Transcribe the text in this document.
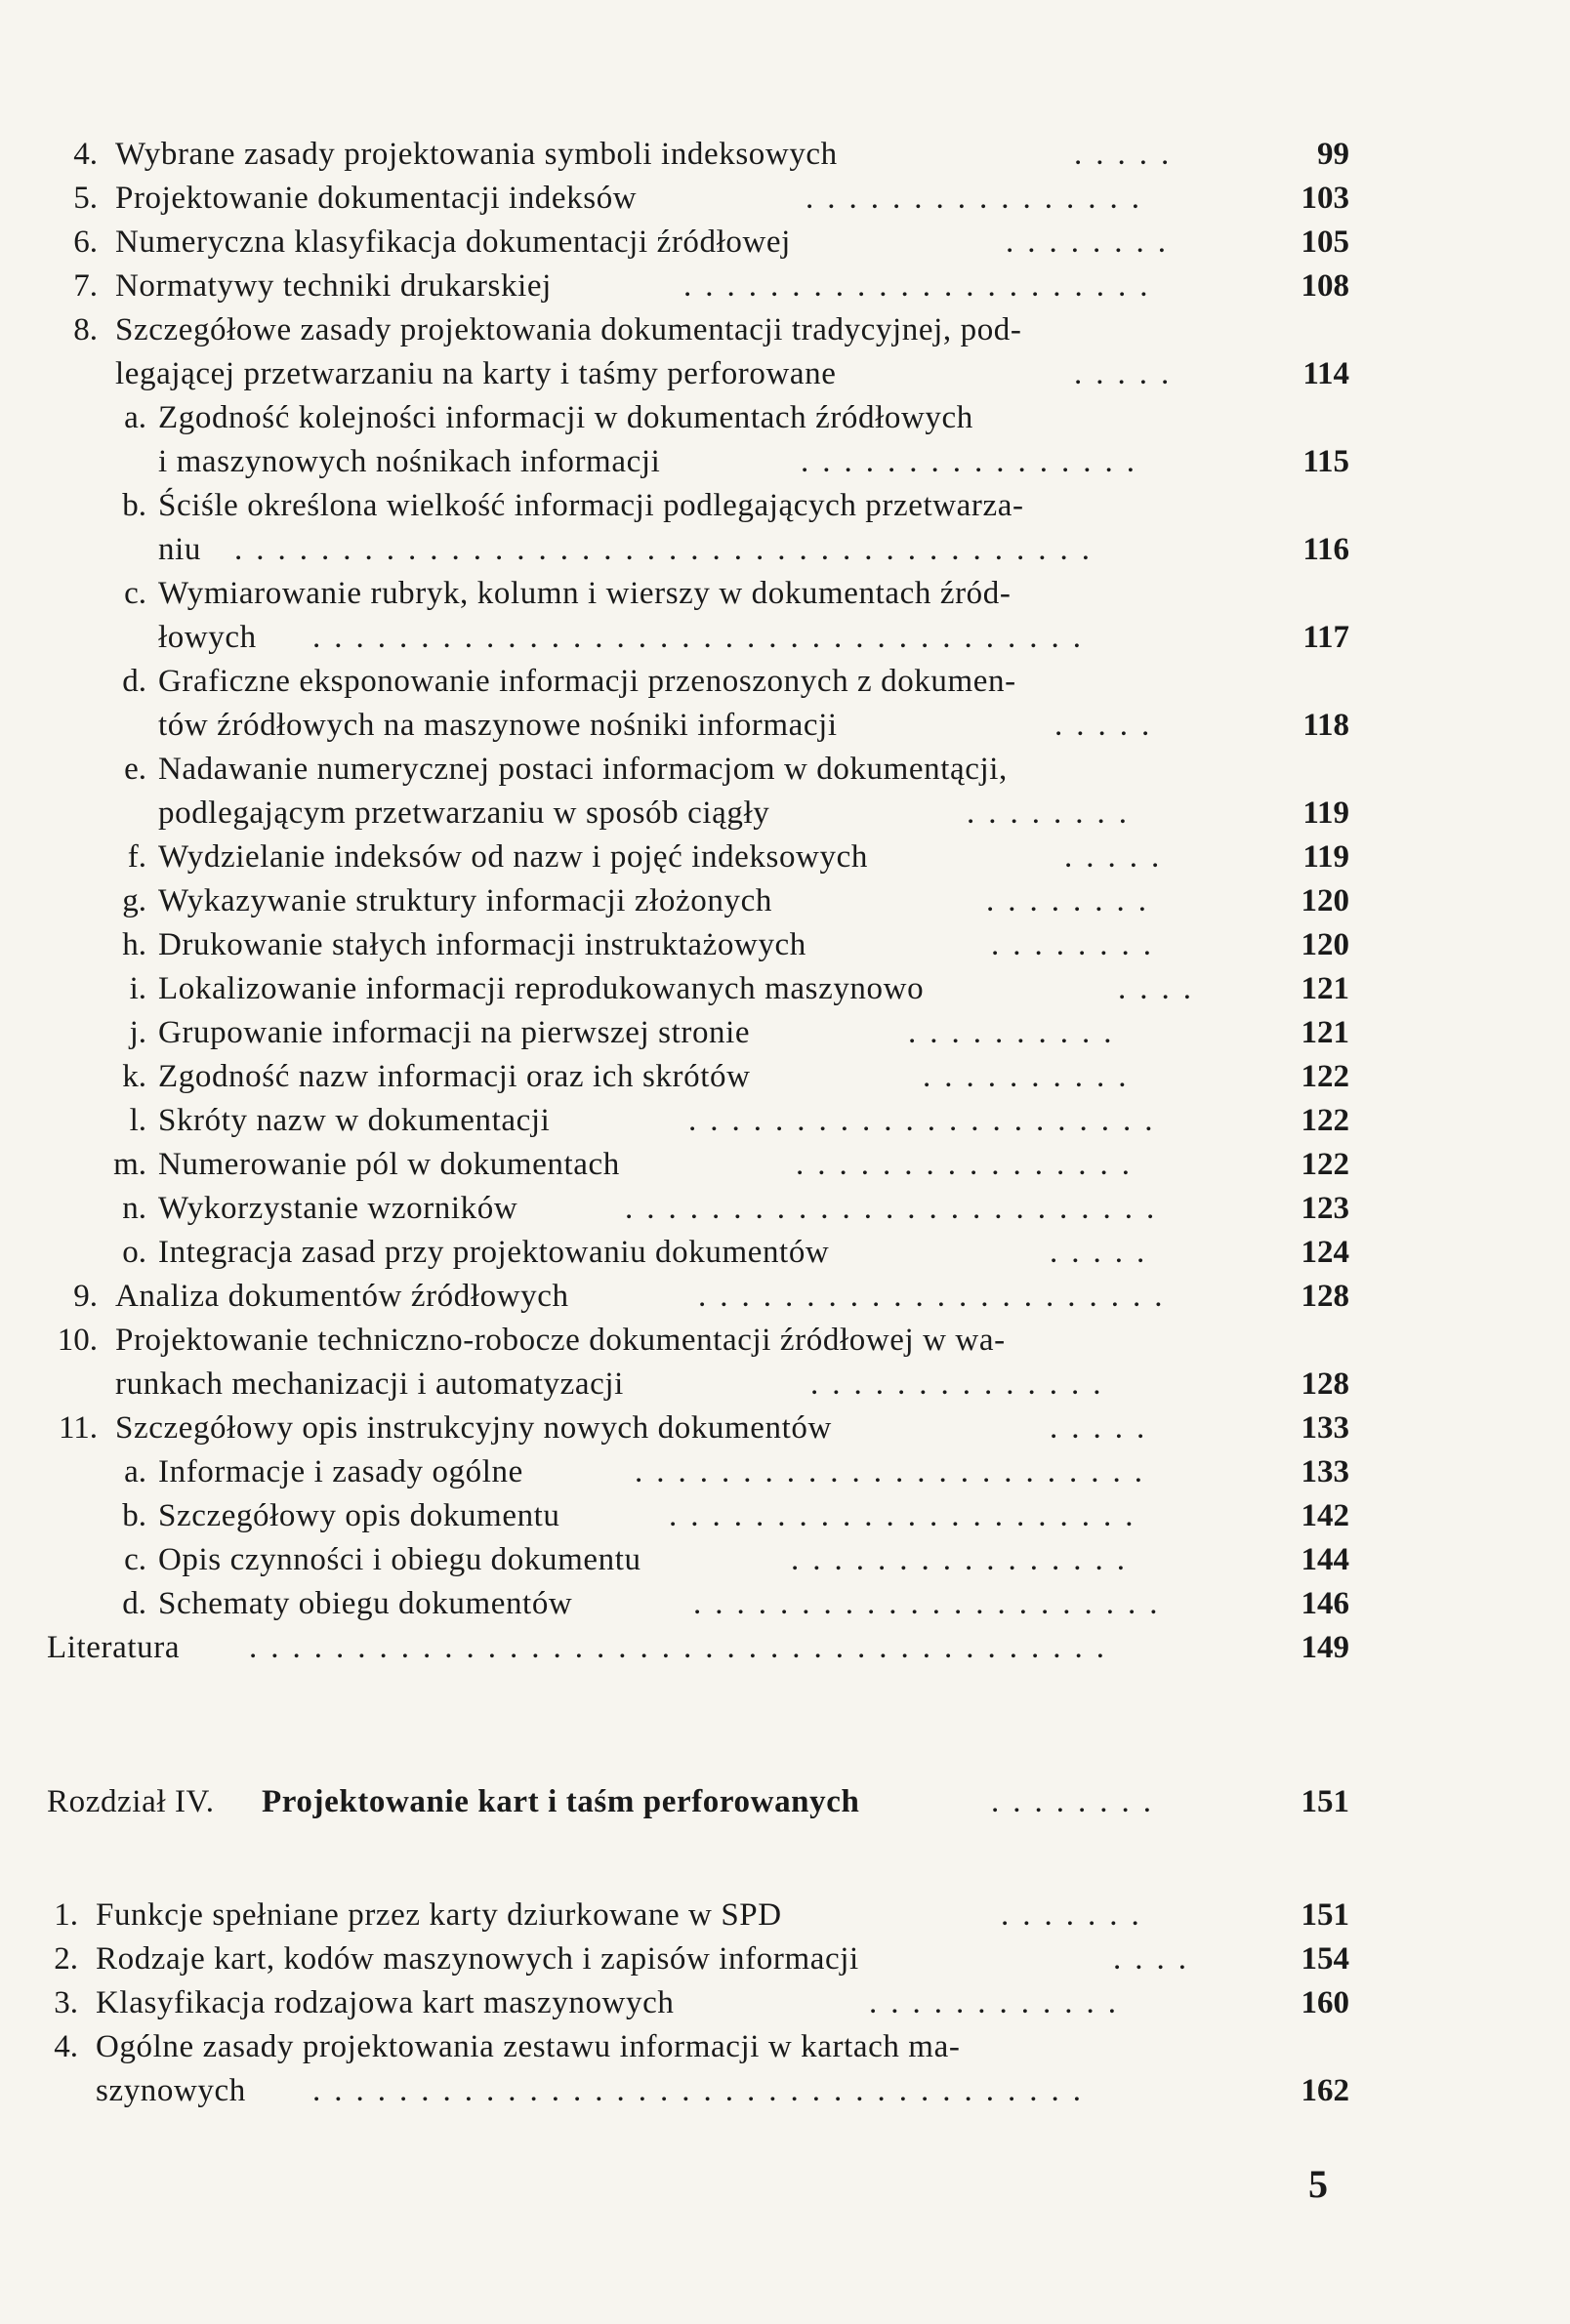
4. Wybrane zasady projektowania symboli indeksowych	.....	99
5. Projektowanie dokumentacji indeksów	................	103
6. Numeryczna klasyfikacja dokumentacji źródłowej	........	105
7. Normatywy techniki drukarskiej	......................	108
8. Szczegółowe zasady projektowania dokumentacji tradycyjnej, pod-
legającej przetwarzaniu na karty i taśmy perforowane	.....	114
a. Zgodność kolejności informacji w dokumentach źródłowych
i maszynowych nośnikach informacji	................	115
b. Ściśle określona wielkość informacji podlegających przetwarza-
niu ........................................	116
c. Wymiarowanie rubryk, kolumn i wierszy w dokumentach źród-
łowych ....................................	117
d. Graficzne eksponowanie informacji przenoszonych z dokumen-
tów źródłowych na maszynowe nośniki informacji	.....	118
e. Nadawanie numerycznej postaci informacjom w dokumentącji,
podlegającym przetwarzaniu w sposób ciągły	........	119
f. Wydzielanie indeksów od nazw i pojęć indeksowych	.....	119
g. Wykazywanie struktury informacji złożonych	........	120
h. Drukowanie stałych informacji instruktażowych	........	120
i. Lokalizowanie informacji reprodukowanych maszynowo	....	121
j. Grupowanie informacji na pierwszej stronie	..........	121
k. Zgodność nazw informacji oraz ich skrótów	..........	122
l. Skróty nazw w dokumentacji	......................	122
m. Numerowanie pól w dokumentach	................	122
n. Wykorzystanie wzorników	.........................	123
o. Integracja zasad przy projektowaniu dokumentów	.....	124
9. Analiza dokumentów źródłowych	......................	128
10. Projektowanie techniczno-robocze dokumentacji źródłowej w wa-
runkach mechanizacji i automatyzacji	..............	128
11. Szczegółowy opis instrukcyjny nowych dokumentów	.....	133
a. Informacje i zasady ogólne	........................	133
b. Szczegółowy opis dokumentu	......................	142
c. Opis czynności i obiegu dokumentu	................	144
d. Schematy obiegu dokumentów	......................	146
Literatura ........................................	149
Rozdział IV. Projektowanie kart i taśm perforowanych	........	151
1. Funkcje spełniane przez karty dziurkowane w SPD	.......	151
2. Rodzaje kart, kodów maszynowych i zapisów informacji	....	154
3. Klasyfikacja rodzajowa kart maszynowych	............	160
4. Ogólne zasady projektowania zestawu informacji w kartach ma-
szynowych ....................................	162
5
